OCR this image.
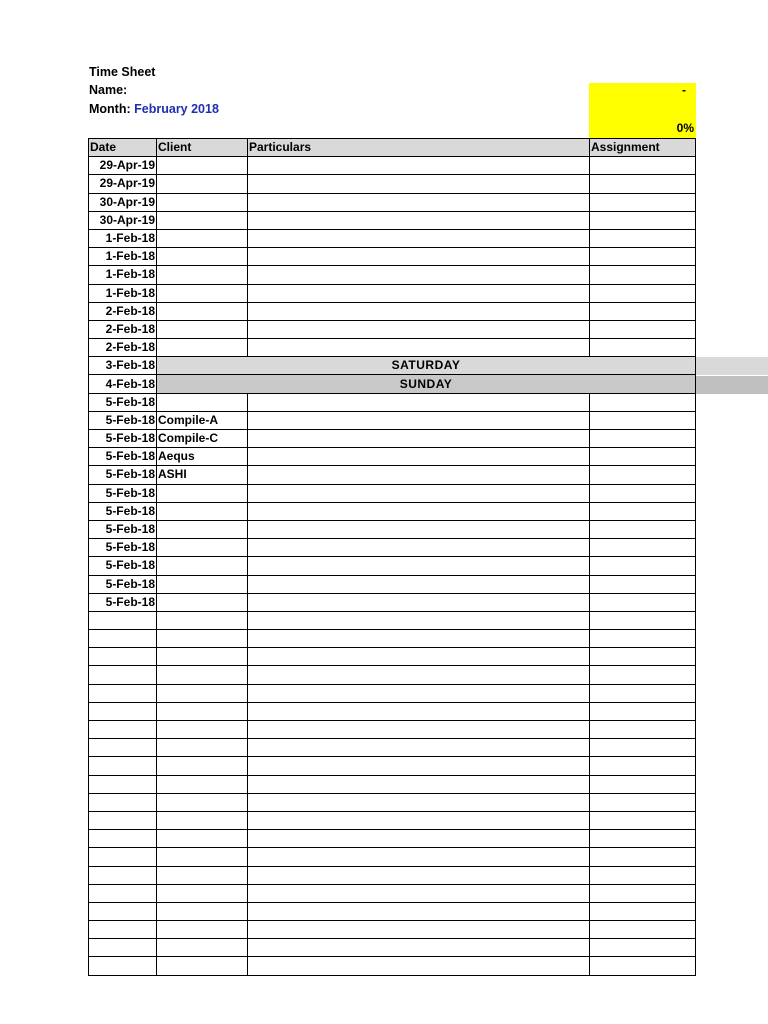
Time Sheet
Name:
Month: February 2018
-
0%
Date	Client	Particulars	Assignment
29-Apr-19			
29-Apr-19			
30-Apr-19			
30-Apr-19			
1-Feb-18			
1-Feb-18			
1-Feb-18			
1-Feb-18			
2-Feb-18			
2-Feb-18			
2-Feb-18			
3-Feb-18	SATURDAY		
4-Feb-18	SUNDAY		
5-Feb-18			
5-Feb-18	Compile-A		
5-Feb-18	Compile-C		
5-Feb-18	Aequs		
5-Feb-18	ASHI		
5-Feb-18			
5-Feb-18			
5-Feb-18			
5-Feb-18			
5-Feb-18			
5-Feb-18			
5-Feb-18			
